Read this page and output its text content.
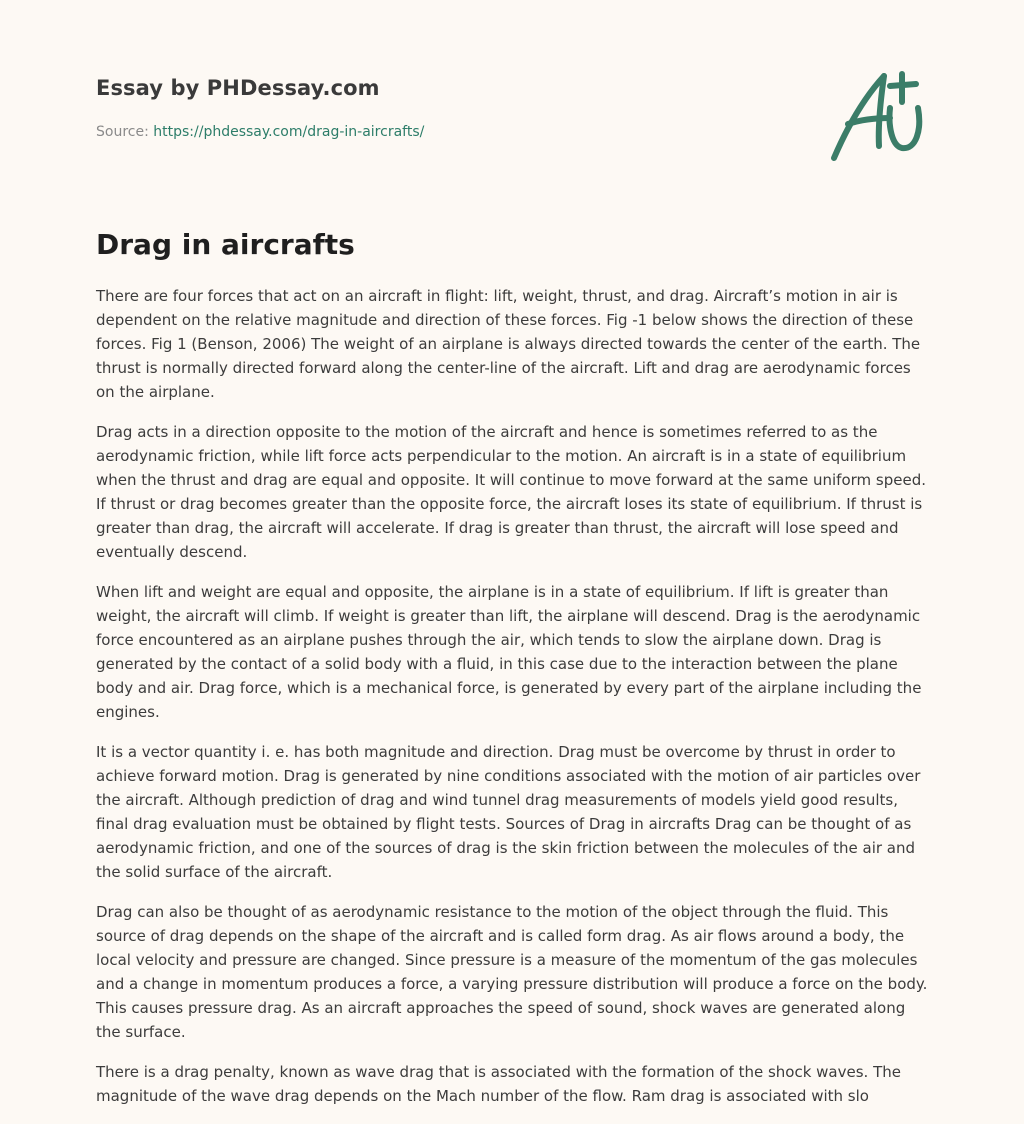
Essay by PHDessay.com
Source: https://phdessay.com/drag-in-aircrafts/
Drag in aircrafts

There are four forces that act on an aircraft in flight: lift, weight, thrust, and drag. Aircraft’s motion in air is dependent on the relative magnitude and direction of these forces. Fig -1 below shows the direction of these forces. Fig 1 (Benson, 2006) The weight of an airplane is always directed towards the center of the earth. The thrust is normally directed forward along the center-line of the aircraft. Lift and drag are aerodynamic forces on the airplane.

Drag acts in a direction opposite to the motion of the aircraft and hence is sometimes referred to as the aerodynamic friction, while lift force acts perpendicular to the motion. An aircraft is in a state of equilibrium when the thrust and drag are equal and opposite. It will continue to move forward at the same uniform speed. If thrust or drag becomes greater than the opposite force, the aircraft loses its state of equilibrium. If thrust is greater than drag, the aircraft will accelerate. If drag is greater than thrust, the aircraft will lose speed and eventually descend.

When lift and weight are equal and opposite, the airplane is in a state of equilibrium. If lift is greater than weight, the aircraft will climb. If weight is greater than lift, the airplane will descend. Drag is the aerodynamic force encountered as an airplane pushes through the air, which tends to slow the airplane down. Drag is generated by the contact of a solid body with a fluid, in this case due to the interaction between the plane body and air. Drag force, which is a mechanical force, is generated by every part of the airplane including the engines.

It is a vector quantity i. e. has both magnitude and direction. Drag must be overcome by thrust in order to achieve forward motion. Drag is generated by nine conditions associated with the motion of air particles over the aircraft. Although prediction of drag and wind tunnel drag measurements of models yield good results, final drag evaluation must be obtained by flight tests. Sources of Drag in aircrafts Drag can be thought of as aerodynamic friction, and one of the sources of drag is the skin friction between the molecules of the air and the solid surface of the aircraft.

Drag can also be thought of as aerodynamic resistance to the motion of the object through the fluid. This source of drag depends on the shape of the aircraft and is called form drag. As air flows around a body, the local velocity and pressure are changed. Since pressure is a measure of the momentum of the gas molecules and a change in momentum produces a force, a varying pressure distribution will produce a force on the body. This causes pressure drag. As an aircraft approaches the speed of sound, shock waves are generated along the surface.

There is a drag penalty, known as wave drag that is associated with the formation of the shock waves. The magnitude of the wave drag depends on the Mach number of the flow. Ram drag is associated with slo
